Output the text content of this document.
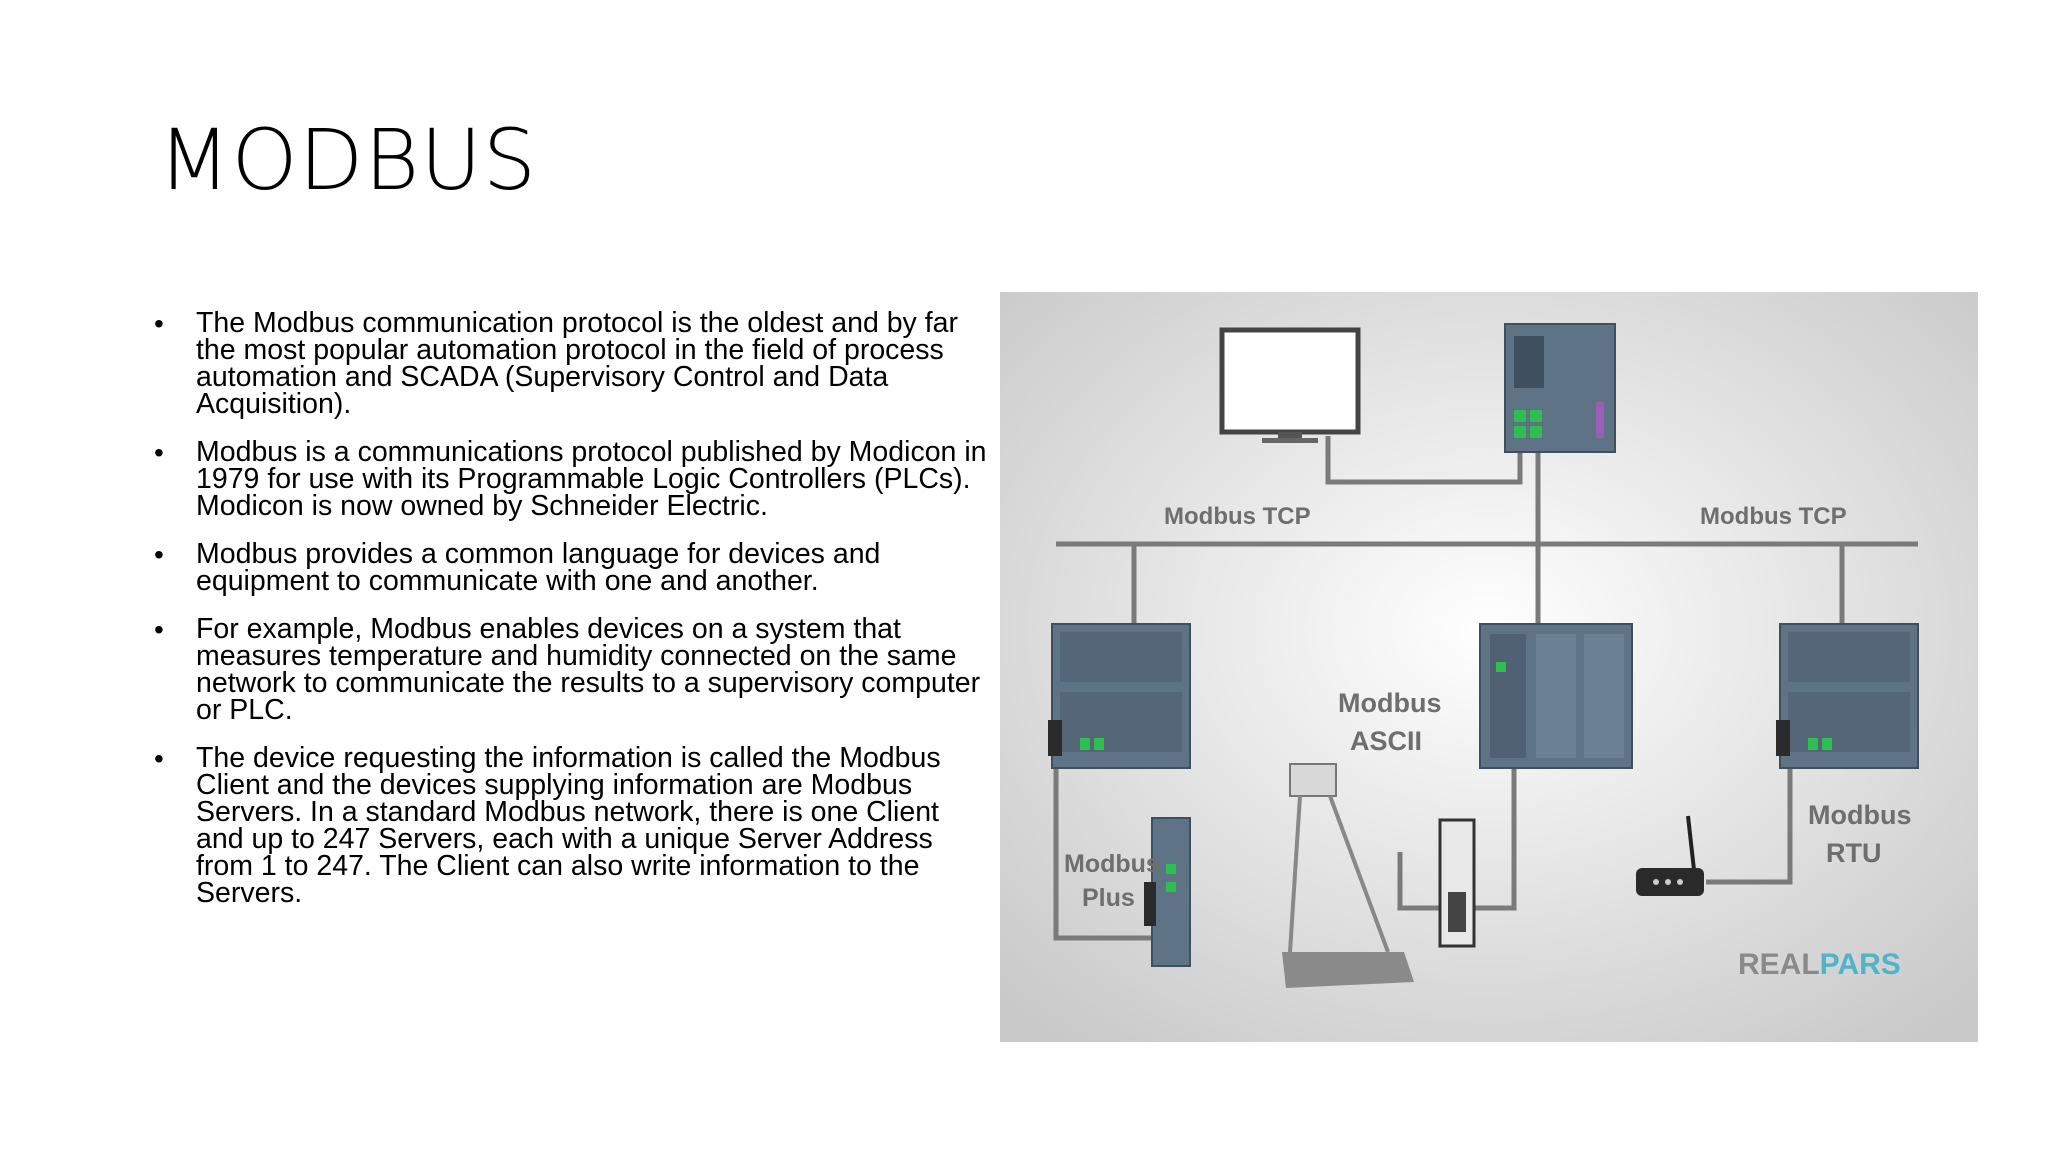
MODBUS
• The Modbus communication protocol is the oldest and by far the most popular automation protocol in the field of process automation and SCADA (Supervisory Control and Data Acquisition).
• Modbus is a communications protocol published by Modicon in 1979 for use with its Programmable Logic Controllers (PLCs). Modicon is now owned by Schneider Electric.
• Modbus provides a common language for devices and equipment to communicate with one and another.
• For example, Modbus enables devices on a system that measures temperature and humidity connected on the same network to communicate the results to a supervisory computer or PLC.
• The device requesting the information is called the Modbus Client and the devices supplying information are Modbus Servers. In a standard Modbus network, there is one Client and up to 247 Servers, each with a unique Server Address from 1 to 247. The Client can also write information to the Servers.
Modbus TCP	Modbus TCP
Modbus
ASCII
Modbus
Plus
Modbus
RTU
REALPARS
